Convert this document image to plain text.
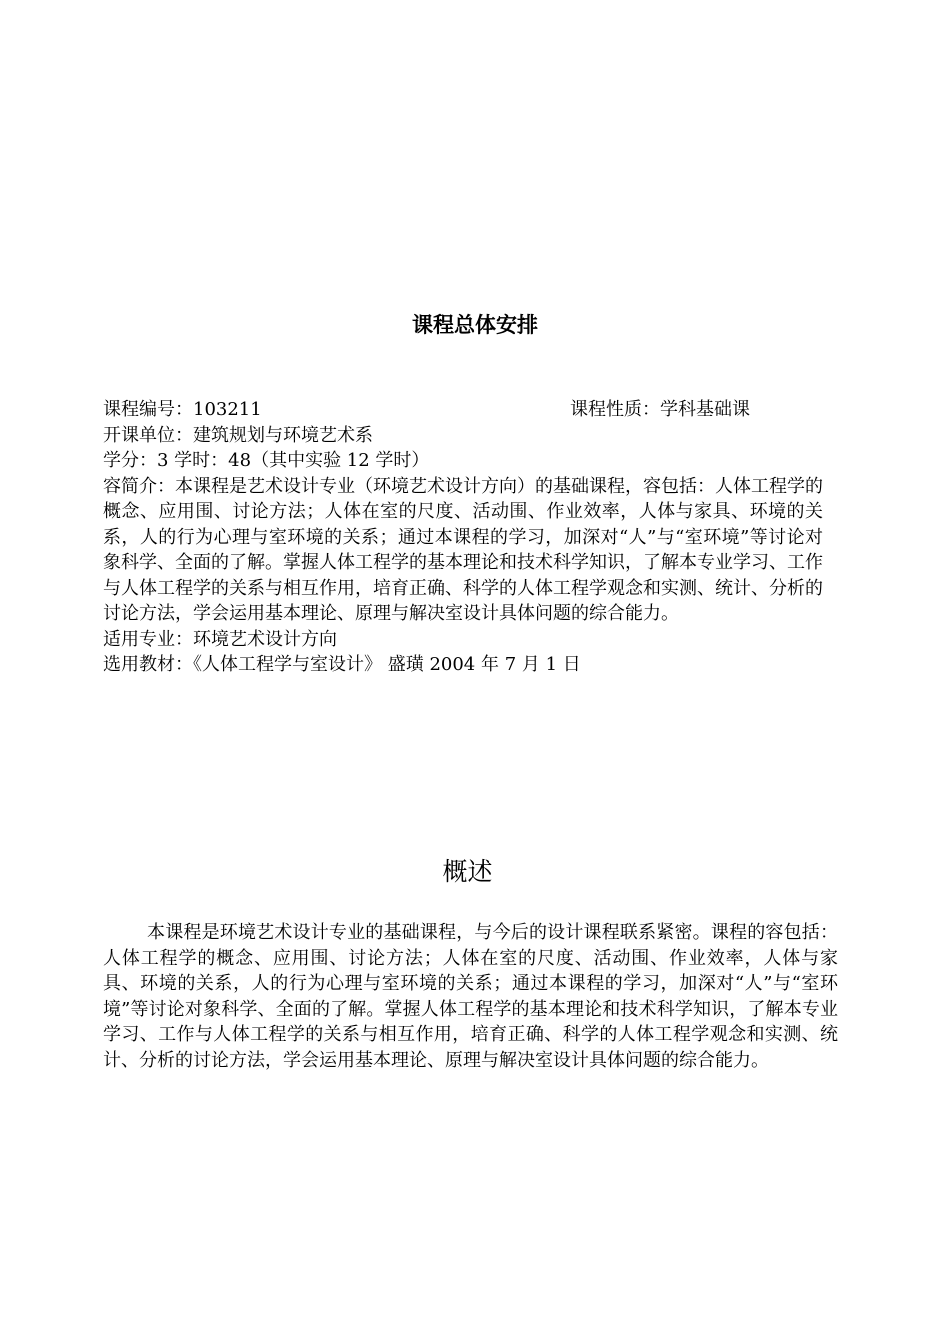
课程总体安排
课程编号：103211	课程性质：学科基础课
开课单位：建筑规划与环境艺术系
学分：3 学时：48（其中实验 12 学时）
容简介：本课程是艺术设计专业（环境艺术设计方向）的基础课程，容包括：人体工程学的概念、应用围、讨论方法；人体在室的尺度、活动围、作业效率，人体与家具、环境的关系，人的行为心理与室环境的关系；通过本课程的学习，加深对“人”与“室环境”等讨论对象科学、全面的了解。掌握人体工程学的基本理论和技术科学知识，了解本专业学习、工作与人体工程学的关系与相互作用，培育正确、科学的人体工程学观念和实测、统计、分析的讨论方法，学会运用基本理论、原理与解决室设计具体问题的综合能力。
适用专业：环境艺术设计方向
选用教材：《人体工程学与室设计》 盛璜 2004 年 7 月 1 日
概述
本课程是环境艺术设计专业的基础课程，与今后的设计课程联系紧密。课程的容包括：人体工程学的概念、应用围、讨论方法；人体在室的尺度、活动围、作业效率，人体与家具、环境的关系，人的行为心理与室环境的关系；通过本课程的学习，加深对“人”与“室环境”等讨论对象科学、全面的了解。掌握人体工程学的基本理论和技术科学知识，了解本专业学习、工作与人体工程学的关系与相互作用，培育正确、科学的人体工程学观念和实测、统计、分析的讨论方法，学会运用基本理论、原理与解决室设计具体问题的综合能力。
